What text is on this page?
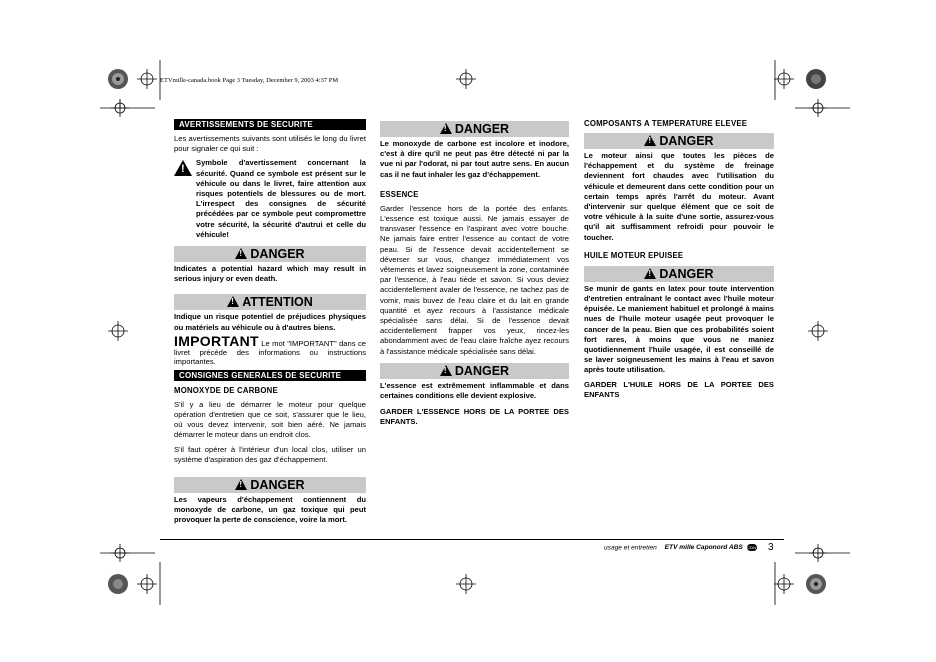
ETVmille-canada.book Page 3 Tuesday, December 9, 2003 4:37 PM
AVERTISSEMENTS DE SECURITE

Les avertissements suivants sont utilisés le long du livret pour signaler ce qui suit :

!

Symbole d'avertissement concernant la sécurité. Quand ce symbole est présent sur le véhicule ou dans le livret, faire attention aux risques potentiels de blessures ou de mort. L'irrespect des consignes de sécurité précédées par ce symbole peut compromettre votre sécurité, la sécurité d'autrui et celle du véhicule!

!DANGER

Indicates a potential hazard which may result in serious injury or even death.

!ATTENTION

Indique un risque potentiel de préjudices physiques ou matériels au véhicule ou à d'autres biens.

IMPORTANT Le mot "IMPORTANT" dans ce livret précède des informations ou instructions importantes.

CONSIGNES GENERALES DE SECURITE
MONOXYDE DE CARBONE

S'il y a lieu de démarrer le moteur pour quelque opération d'entretien que ce soit, s'assurer que le lieu, où vous devez intervenir, soit bien aéré. Ne jamais démarrer le moteur dans un endroit clos.

S'il faut opérer à l'intérieur d'un local clos, utiliser un système d'aspiration des gaz d'échappement.

!DANGER

Les vapeurs d'échappement contiennent du monoxyde de carbone, un gaz toxique qui peut provoquer la perte de conscience, voire la mort.

!DANGER

Le monoxyde de carbone est incolore et inodore, c'est à dire qu'il ne peut pas être détecté ni par la vue ni par l'odorat, ni par tout autre sens. En aucun cas il ne faut inhaler les gaz d'échappement.

ESSENCE

Garder l'essence hors de la portée des enfants. L'essence est toxique aussi. Ne jamais essayer de transvaser l'essence en l'aspirant avec votre bouche. Ne jamais faire entrer l'essence au contact de votre peau. Si de l'essence devait accidentellement se déverser sur vous, changez immédiatement vos vêtements et lavez soigneusement la zone, contaminée par l'essence, à l'eau tiède et savon. Si vous deviez accidentellement avaler de l'essence, ne tachez pas de vomir, mais buvez de l'eau claire et du lait en grande quantité et ayez recours à l'assistance médicale spécialisée sans délai. Si de l'essence devait accidentellement frapper vos yeux, rincez-les abondamment avec de l'eau claire fraîche ayez recours à l'assistance médicale spécialisée sans délai.

!DANGER

L'essence est extrêmement inflammable et dans certaines conditions elle devient explosive.

GARDER L'ESSENCE HORS DE LA PORTEE DES ENFANTS.

COMPOSANTS A TEMPERATURE ELEVEE
!DANGER

Le moteur ainsi que toutes les pièces de l'échappement et du système de freinage deviennent fort chaudes avec l'utilisation du véhicule et demeurent dans cette condition pour un certain temps après l'arrêt du moteur. Avant d'intervenir sur quelque élément que ce soit de votre véhicule à la suite d'une sortie, assurez-vous qu'il ait suffisamment refroidi pour pouvoir le toucher.

HUILE MOTEUR EPUISEE
!DANGER

Se munir de gants en latex pour toute intervention d'entretien entraînant le contact avec l'huile moteur épuisée. Le maniement habituel et prolongé à mains nues de l'huile moteur usagée peut provoquer le cancer de la peau. Bien que ces probabilités soient fort rares, à moins que vous ne maniez quotidiennement l'huile usagée, il est conseillé de se laver soigneusement les mains à l'eau et savon après toute utilisation.

GARDER L'HUILE HORS DE LA PORTEE DES ENFANTS

usage et entretien ETV mille Caponord ABS CDN 3
